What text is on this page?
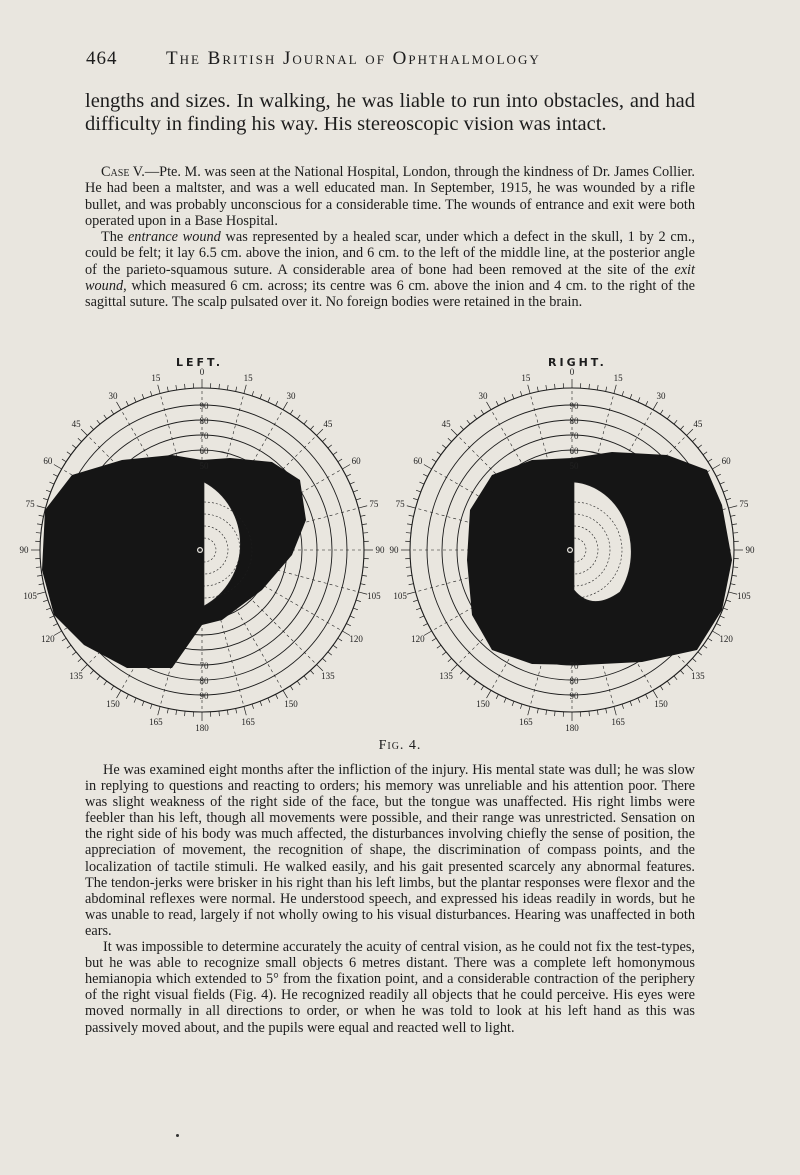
464	The British Journal of Ophthalmology

lengths and sizes. In walking, he was liable to run into obstacles, and had difficulty in finding his way. His stereoscopic vision was intact.

Case V.—Pte. M. was seen at the National Hospital, London, through the kindness of Dr. James Collier. He had been a maltster, and was a well educated man. In September, 1915, he was wounded by a rifle bullet, and was probably unconscious for a considerable time. The wounds of entrance and exit were both operated upon in a Base Hospital.

The entrance wound was represented by a healed scar, under which a defect in the skull, 1 by 2 cm., could be felt; it lay 6.5 cm. above the inion, and 6 cm. to the left of the middle line, at the posterior angle of the parieto-squamous suture. A considerable area of bone had been removed at the site of the exit wound, which measured 6 cm. across; its centre was 6 cm. above the inion and 4 cm. to the right of the sagittal suture. The scalp pulsated over it. No foreign bodies were retained in the brain.

LEFT.	RIGHT.
0
15
15
30
30
45
45
60
60
75
75
90
90
105
105
120
120
135
135
150
150
165
165
180
90
80
70
60
50
90
80
70
0
15
15
30
30
45
45
60
60
75
75
90
90
105
105
120
120
135
135
150
150
165
165
180
90
80
70
60
50
90
80
70
Fig. 4.

He was examined eight months after the infliction of the injury. His mental state was dull; he was slow in replying to questions and reacting to orders; his memory was unreliable and his attention poor. There was slight weakness of the right side of the face, but the tongue was unaffected. His right limbs were feebler than his left, though all movements were possible, and their range was unrestricted. Sensation on the right side of his body was much affected, the disturbances involving chiefly the sense of position, the appreciation of movement, the recognition of shape, the discrimination of compass points, and the localization of tactile stimuli. He walked easily, and his gait presented scarcely any abnormal features. The tendon-jerks were brisker in his right than his left limbs, but the plantar responses were flexor and the abdominal reflexes were normal. He understood speech, and expressed his ideas readily in words, but he was unable to read, largely if not wholly owing to his visual disturbances. Hearing was unaffected in both ears.

It was impossible to determine accurately the acuity of central vision, as he could not fix the test-types, but he was able to recognize small objects 6 metres distant. There was a complete left homonymous hemianopia which extended to 5° from the fixation point, and a considerable contraction of the periphery of the right visual fields (Fig. 4). He recognized readily all objects that he could perceive. His eyes were moved normally in all directions to order, or when he was told to look at his left hand as this was passively moved about, and the pupils were equal and reacted well to light.
